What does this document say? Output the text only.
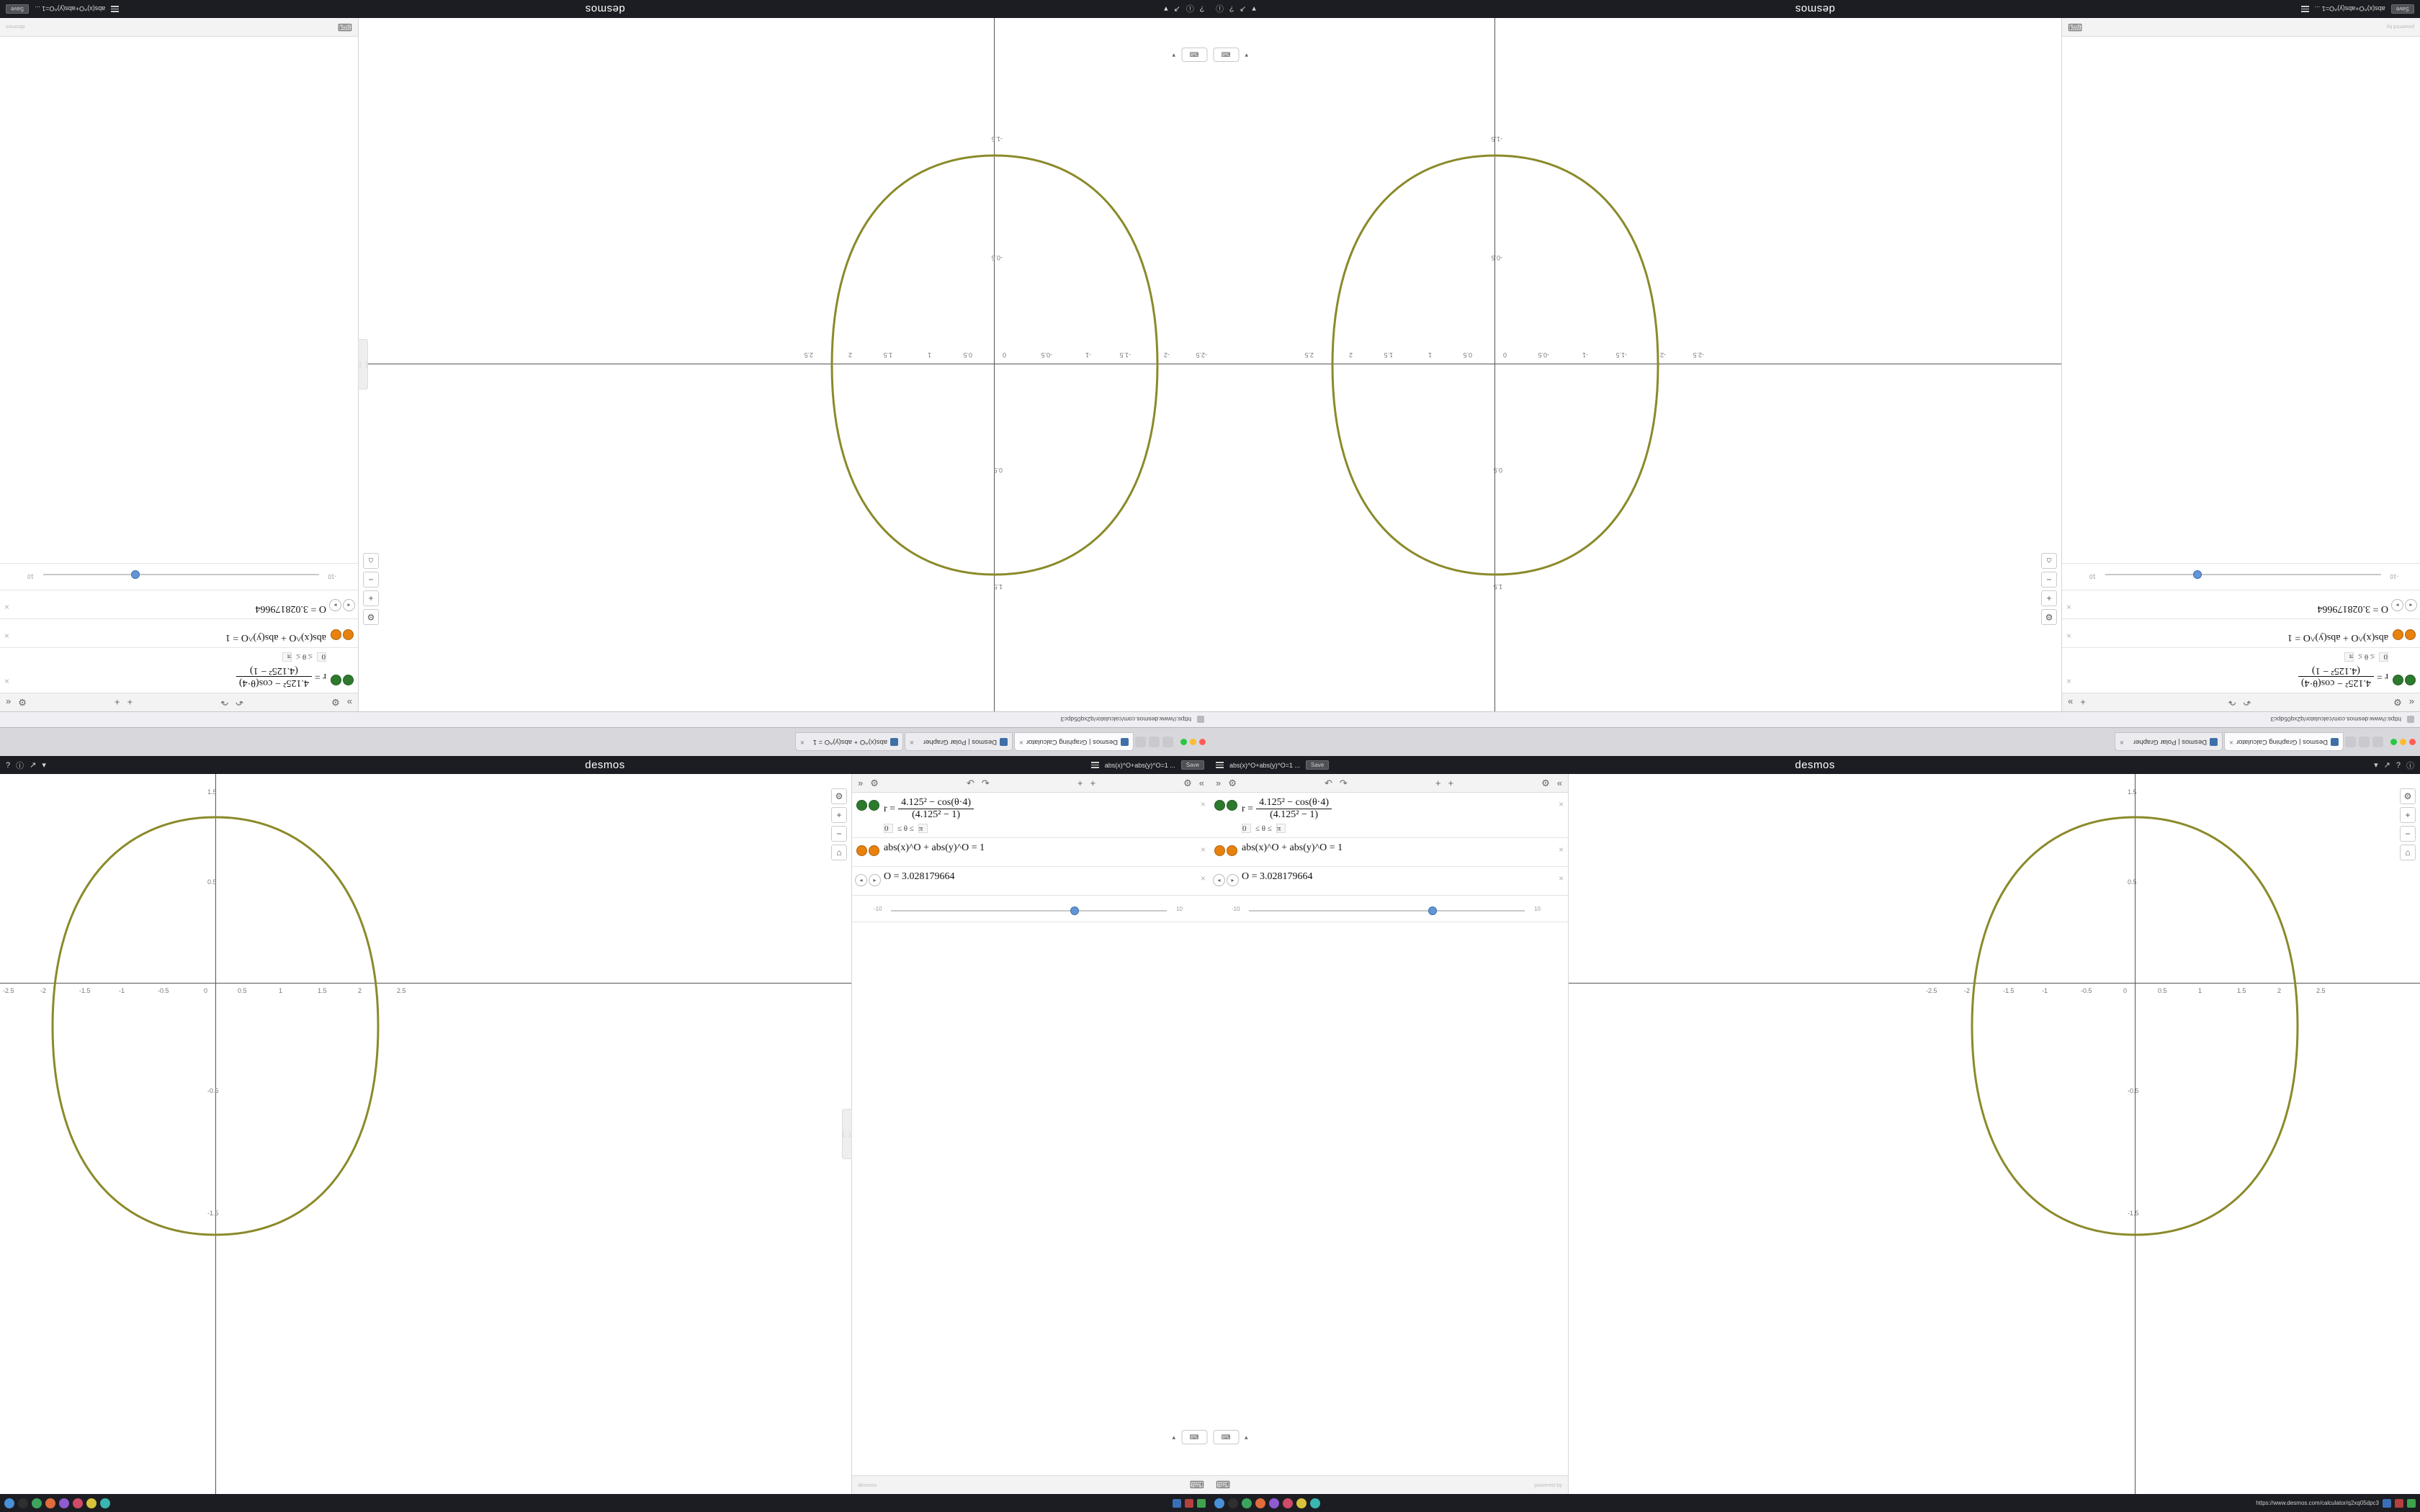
Desmos | Graphing Calculator
×
Desmos | Polar Grapher
×
abs(x)^O + abs(y)^O = 1
×
https://www.desmos.com/calculator/q2xq05dpc3
-2.5
-2
-1.5
-1
-0.5
0
0.5
1
1.5
2
2.5
1.5
0.5
-0.5
-1.5
⚙
+
−
⌂
⋮⋮
»
⚙
↶
↷
+
+
⚙
«
r =
4.125² − cos(θ·4)
(4.125² − 1)
0
≤ θ ≤
π
×
abs(x)^O + abs(y)^O = 1
×
◂
▸
O = 3.028179664
×
-10
10
⌨
desmos
?
ⓘ
↗
▾
desmos
abs(x)^O+abs(y)^O=1 ...
Save
Desmos | Graphing Calculator
×
Desmos | Polar Grapher
×
https://www.desmos.com/calculator/q2xq05dpc3
-2.5
-2
-1.5
-1
-0.5
0
0.5
1
1.5
2
2.5
1.5
0.5
-0.5
-1.5
⚙
+
−
⌂
«
⚙
↶
↷
+
»
r =
4.125² − cos(θ·4)
(4.125² − 1)
0
≤ θ ≤
π
×
abs(x)^O + abs(y)^O = 1
×
◂
▸
O = 3.028179664
×
-10
10
powered by
⌨
Save
abs(x)^O+abs(y)^O=1 ...
desmos
▾
↗
?
ⓘ
? ⓘ ↗ ▾	desmos	abs(x)^O+abs(y)^O=1 ...	Save
-2.5	-2	-1.5	-1	-0.5	0	0.5	1	1.5	2	2.5
1.5
0.5
-0.5
-1.5
⚙
+
−
⌂
⋮⋮
» ⚙	↶ ↷	+ +	⚙ «
$r = \frac{\text{4.125² − cos(θ·4)}}{\text{(4.125² − 1)}}$
0	≤ θ ≤ π
×
abs(x)^O + abs(y)^O = 1	×
◂	▸ O = 3.028179664	×
-10	10
desmos	⌨
abs(x)^O+abs(y)^O=1 ...	Save	desmos	▾ ↗ ? ⓘ
-2.5	-2	-1.5	-1	-0.5	0	0.5	1	1.5	2	2.5
1.5
0.5
-0.5
-1.5
⚙
+
−
⌂
» ⚙	↶ ↷	+ +	⚙ «
$r = \frac{\text{4.125² − cos(θ·4)}}{\text{(4.125² − 1)}}$
0	≤ θ ≤ π
×
abs(x)^O + abs(y)^O = 1	×
◂	▸ O = 3.028179664	×
-10	10
⌨	powered by
https://www.desmos.com/calculator/q2xq05dpc3
▾	⌨	⌨	▾
▴	⌨	⌨	▴
